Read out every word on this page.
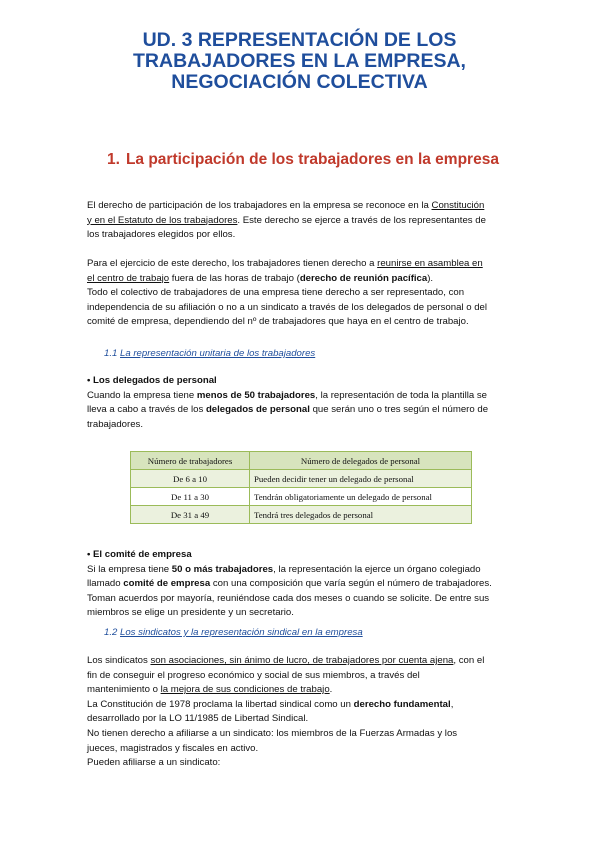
UD. 3 REPRESENTACIÓN DE LOS
TRABAJADORES EN LA EMPRESA,
NEGOCIACIÓN COLECTIVA
1. La participación de los trabajadores en la empresa
El derecho de participación de los trabajadores en la empresa se reconoce en la Constitución
y en el Estatuto de los trabajadores. Este derecho se ejerce a través de los representantes de
los trabajadores elegidos por ellos.
Para el ejercicio de este derecho, los trabajadores tienen derecho a reunirse en asamblea en
el centro de trabajo fuera de las horas de trabajo (derecho de reunión pacífica).
Todo el colectivo de trabajadores de una empresa tiene derecho a ser representado, con
independencia de su afiliación o no a un sindicato a través de los delegados de personal o del
comité de empresa, dependiendo del nº de trabajadores que haya en el centro de trabajo.
1.1 La representación unitaria de los trabajadores
• Los delegados de personal
Cuando la empresa tiene menos de 50 trabajadores, la representación de toda la plantilla se
lleva a cabo a través de los delegados de personal que serán uno o tres según el número de
trabajadores.
Número de trabajadores	Número de delegados de personal
De 6 a 10	Pueden decidir tener un delegado de personal
De 11 a 30	Tendrán obligatoriamente un delegado de personal
De 31 a 49	Tendrá tres delegados de personal
• El comité de empresa
Si la empresa tiene 50 o más trabajadores, la representación la ejerce un órgano colegiado
llamado comité de empresa con una composición que varía según el número de trabajadores.
Toman acuerdos por mayoría, reuniéndose cada dos meses o cuando se solicite. De entre sus
miembros se elige un presidente y un secretario.
1.2 Los sindicatos y la representación sindical en la empresa
Los sindicatos son asociaciones, sin ánimo de lucro, de trabajadores por cuenta ajena, con el
fin de conseguir el progreso económico y social de sus miembros, a través del
mantenimiento o la mejora de sus condiciones de trabajo.
La Constitución de 1978 proclama la libertad sindical como un derecho fundamental,
desarrollado por la LO 11/1985 de Libertad Sindical.
No tienen derecho a afiliarse a un sindicato: los miembros de la Fuerzas Armadas y los
jueces, magistrados y fiscales en activo.
Pueden afiliarse a un sindicato:
